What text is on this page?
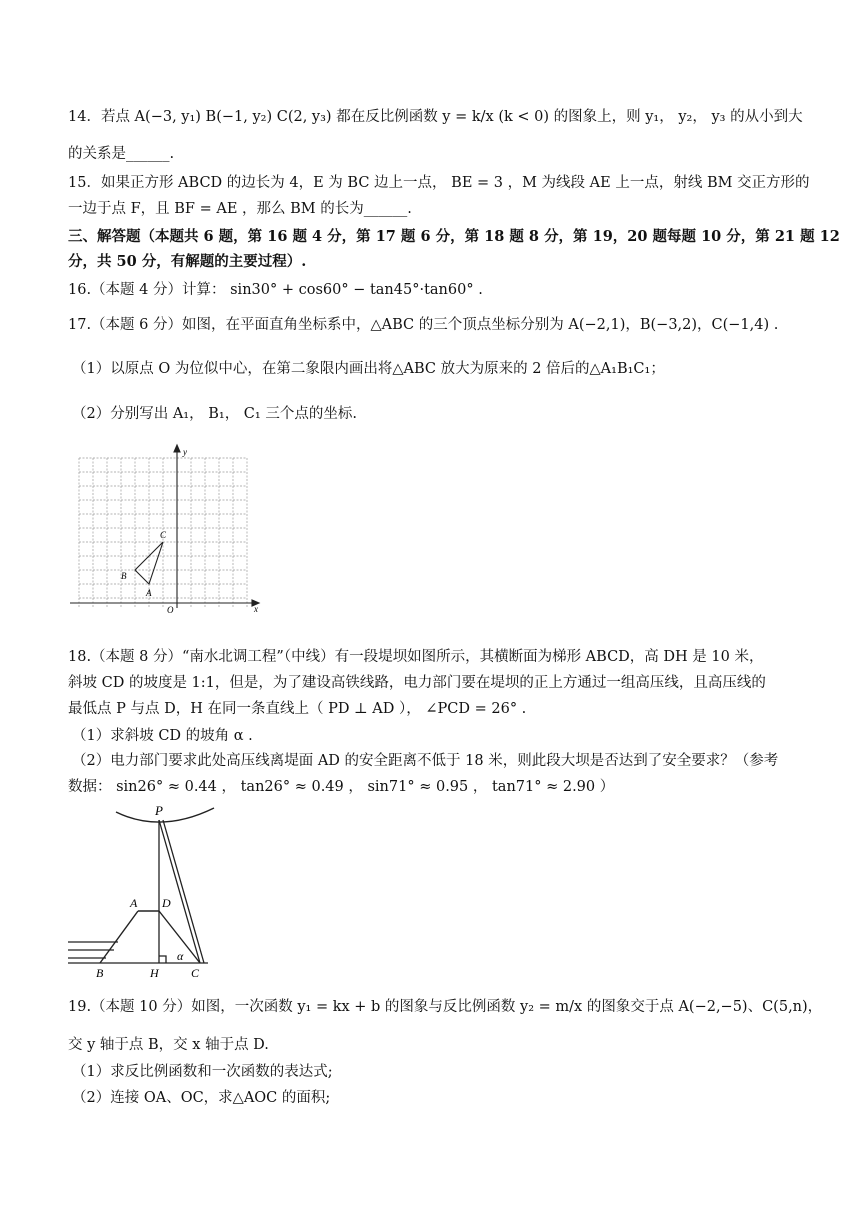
14．若点 A(−3, y₁) B(−1, y₂) C(2, y₃) 都在反比例函数 y = k/x (k < 0) 的图象上，则 y₁， y₂， y₃ 的从小到大
的关系是______.
15．如果正方形 ABCD 的边长为 4，E 为 BC 边上一点， BE = 3 ，M 为线段 AE 上一点，射线 BM 交正方形的
一边于点 F，且 BF = AE ，那么 BM 的长为______.
三、解答题（本题共 6 题，第 16 题 4 分，第 17 题 6 分，第 18 题 8 分，第 19，20 题每题 10 分，第 21 题 12
分，共 50 分，有解题的主要过程）.
16.（本题 4 分）计算： sin30° + cos60° − tan45°·tan60° .
17.（本题 6 分）如图，在平面直角坐标系中，△ABC 的三个顶点坐标分别为 A(−2,1)，B(−3,2)，C(−1,4) .
（1）以原点 O 为位似中心，在第二象限内画出将△ABC 放大为原来的 2 倍后的△A₁B₁C₁；
（2）分别写出 A₁， B₁， C₁ 三个点的坐标.
y
x
O
A
B
C
18.（本题 8 分）“南水北调工程”（中线）有一段堤坝如图所示，其横断面为梯形 ABCD，高 DH 是 10 米，
斜坡 CD 的坡度是 1:1，但是，为了建设高铁线路，电力部门要在堤坝的正上方通过一组高压线，且高压线的
最低点 P 与点 D，H 在同一条直线上（ PD ⊥ AD ）， ∠PCD = 26° .
（1）求斜坡 CD 的坡角 α .
（2）电力部门要求此处高压线离堤面 AD 的安全距离不低于 18 米，则此段大坝是否达到了安全要求？（参考
数据： sin26° ≈ 0.44 ， tan26° ≈ 0.49 ， sin71° ≈ 0.95 ， tan71° ≈ 2.90 ）
P
A D
B	H	C
α
19.（本题 10 分）如图，一次函数 y₁ = kx + b 的图象与反比例函数 y₂ = m/x 的图象交于点 A(−2,−5)、C(5,n)，
交 y 轴于点 B，交 x 轴于点 D.
（1）求反比例函数和一次函数的表达式;
（2）连接 OA、OC，求△AOC 的面积;
